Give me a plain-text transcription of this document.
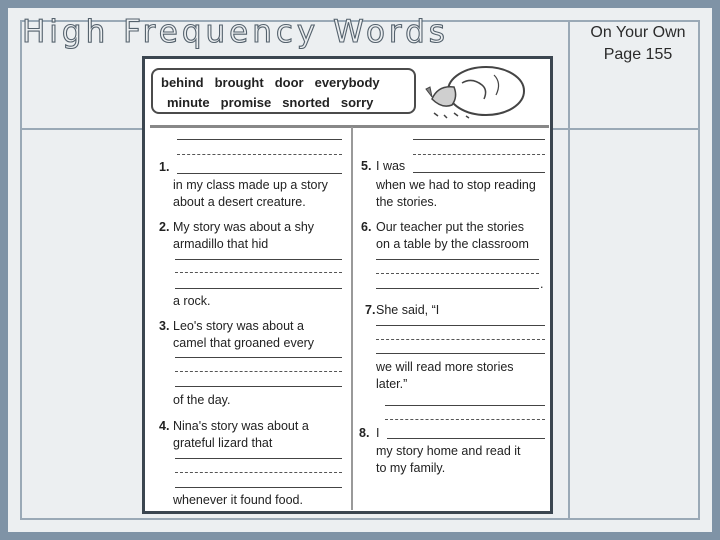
High Frequency Words	On Your Own
Page 155
behind brought door everybody
minute promise snorted sorry
1.
in my class made up a story
about a desert creature.
2. My story was about a shy
armadillo that hid
a rock.
3. Leo's story was about a
camel that groaned every
of the day.
4. Nina's story was about a
grateful lizard that
whenever it found food.
5. I was
when we had to stop reading
the stories.
6. Our teacher put the stories
on a table by the classroom
.
7. She said, “I
we will read more stories
later.”
8. I
my story home and read it
to my family.
